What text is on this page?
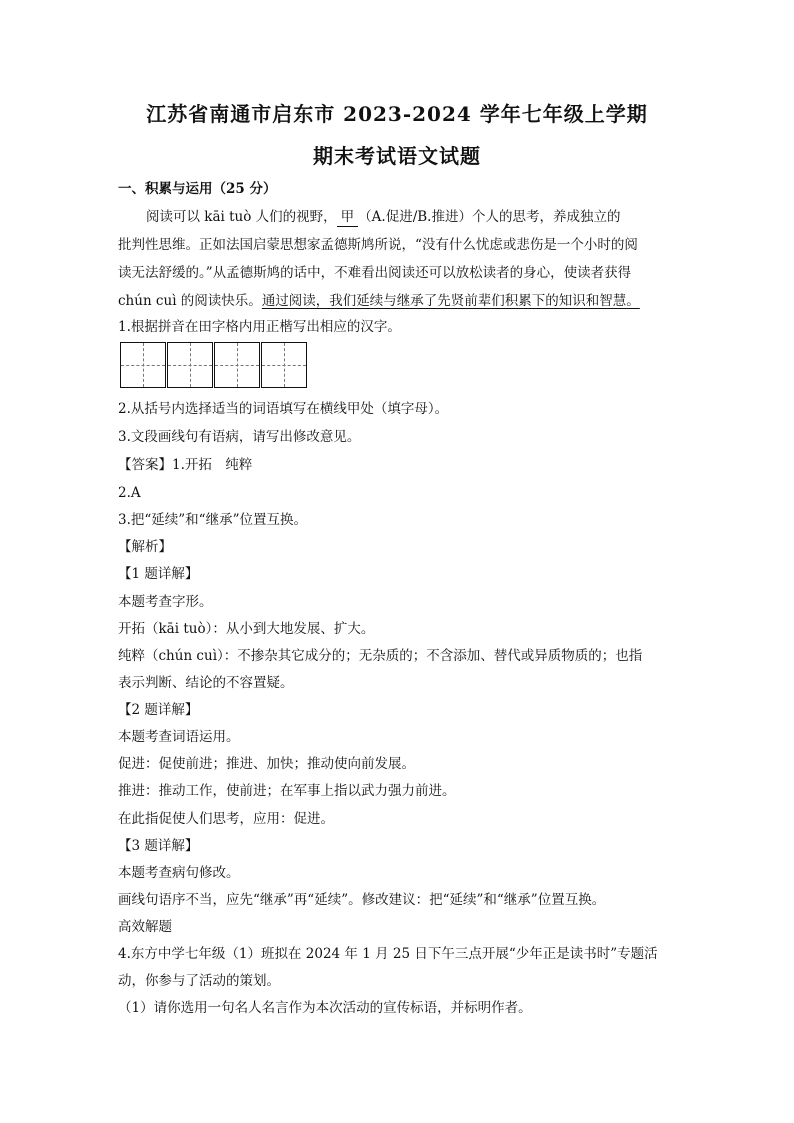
江苏省南通市启东市 2023-2024 学年七年级上学期
期末考试语文试题
一、积累与运用（25 分）
阅读可以 kāi tuò 人们的视野， 甲 （A.促进/B.推进）个人的思考，养成独立的
批判性思维。正如法国启蒙思想家孟德斯鸠所说，“没有什么忧虑或悲伤是一个小时的阅
读无法舒缓的。”从孟德斯鸠的话中，不难看出阅读还可以放松读者的身心，使读者获得
chún cuì 的阅读快乐。通过阅读，我们延续与继承了先贤前辈们积累下的知识和智慧。
1.根据拼音在田字格内用正楷写出相应的汉字。
2.从括号内选择适当的词语填写在横线甲处（填字母）。
3.文段画线句有语病，请写出修改意见。
【答案】1.开拓　纯粹
2.A
3.把“延续”和“继承”位置互换。
【解析】
【1 题详解】
本题考查字形。
开拓（kāi tuò）：从小到大地发展、扩大。
纯粹（chún cuì）：不掺杂其它成分的；无杂质的；不含添加、替代或异质物质的；也指
表示判断、结论的不容置疑。
【2 题详解】
本题考查词语运用。
促进：促使前进；推进、加快；推动使向前发展。
推进：推动工作，使前进；在军事上指以武力强力前进。
在此指促使人们思考，应用：促进。
【3 题详解】
本题考查病句修改。
画线句语序不当，应先“继承”再“延续”。修改建议：把“延续”和“继承”位置互换。
高效解题
4.东方中学七年级（1）班拟在 2024 年 1 月 25 日下午三点开展“少年正是读书时”专题活
动，你参与了活动的策划。
（1）请你选用一句名人名言作为本次活动的宣传标语，并标明作者。
